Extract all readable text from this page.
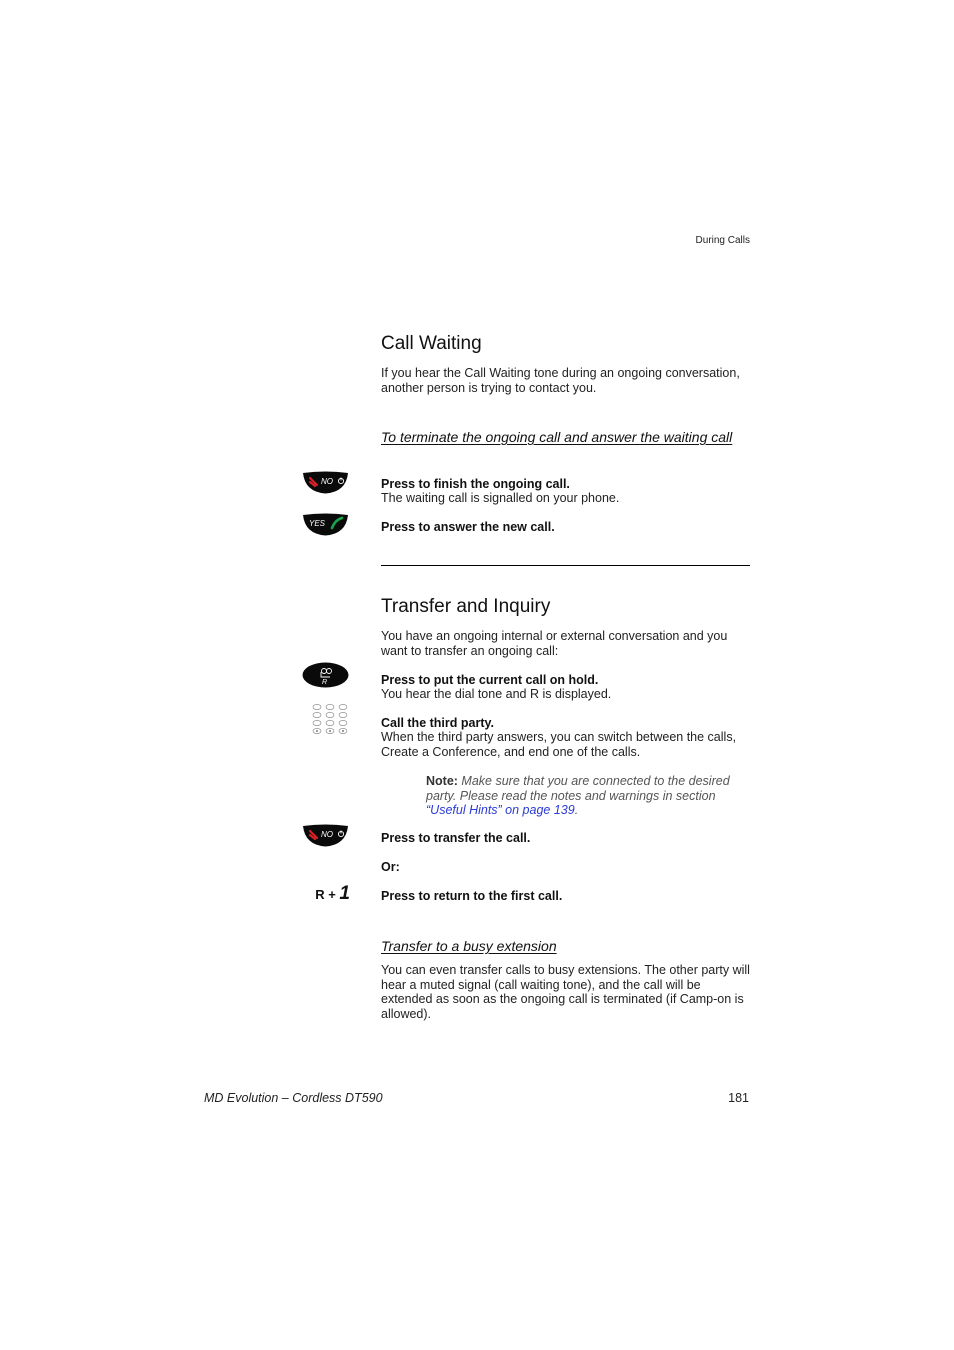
During Calls
Call Waiting
If you hear the Call Waiting tone during an ongoing conversation, another person is trying to contact you.
To terminate the ongoing call and answer the waiting call
NO	Press to finish the ongoing call.
The waiting call is signalled on your phone.
YES	Press to answer the new call.
Transfer and Inquiry
You have an ongoing internal or external conversation and you want to transfer an ongoing call:
R	Press to put the current call on hold.
You hear the dial tone and R is displayed.
Call the third party.
When the third party answers, you can switch between the calls, Create a Conference, and end one of the calls.
Note: Make sure that you are connected to the desired party. Please read the notes and warnings in section “Useful Hints” on page 139.
NO	Press to transfer the call.
Or:
R + 1 Press to return to the first call.
Transfer to a busy extension
You can even transfer calls to busy extensions. The other party will hear a muted signal (call waiting tone), and the call will be extended as soon as the ongoing call is terminated (if Camp-on is allowed).
MD Evolution – Cordless DT590	181
